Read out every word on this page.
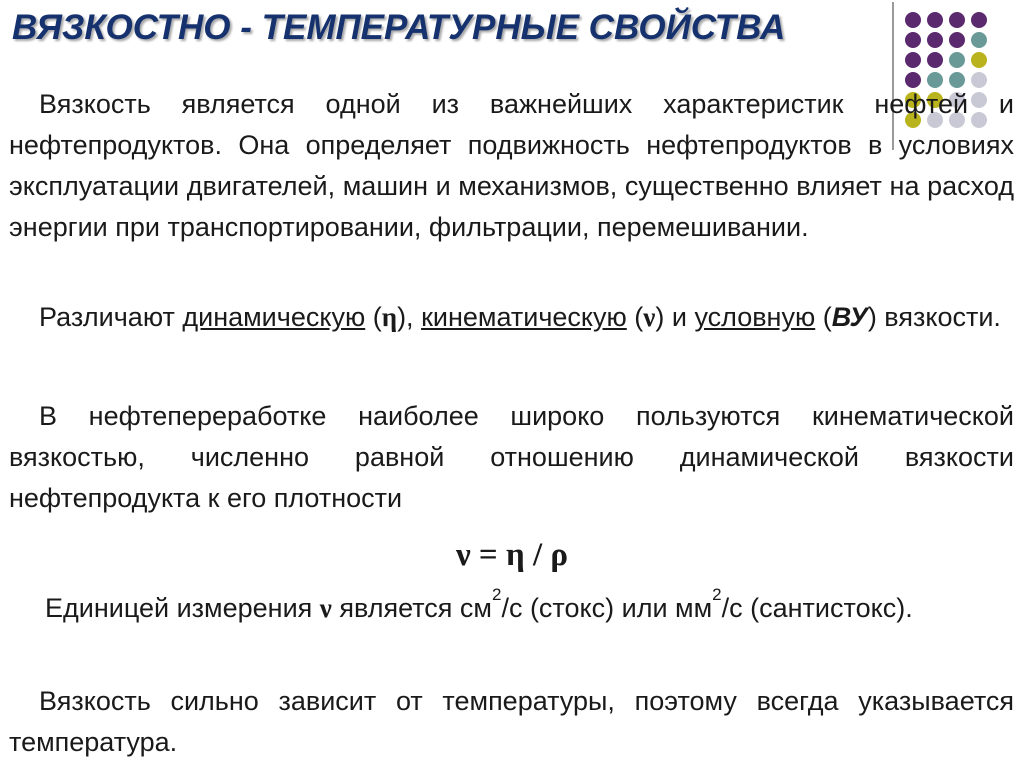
ВЯЗКОСТНО - ТЕМПЕРАТУРНЫЕ СВОЙСТВА
Вязкость является одной из важнейших характеристик нефтей и нефтепродуктов. Она определяет подвижность нефтепродуктов в условиях эксплуатации двигателей, машин и механизмов, существенно влияет на расход энергии при транспортировании, фильтрации, перемешивании.
Различают динамическую (η), кинематическую (ν) и условную (ВУ) вязкости.
В нефтепереработке наиболее широко пользуются кинематической вязкостью, численно равной отношению динамической вязкости нефтепродукта к его плотности
ν = η / ρ
Единицей измерения ν является $см^2/с$ (стокс) или $мм^2/с$ (сантистокс).
Вязкость сильно зависит от температуры, поэтому всегда указывается температура.
